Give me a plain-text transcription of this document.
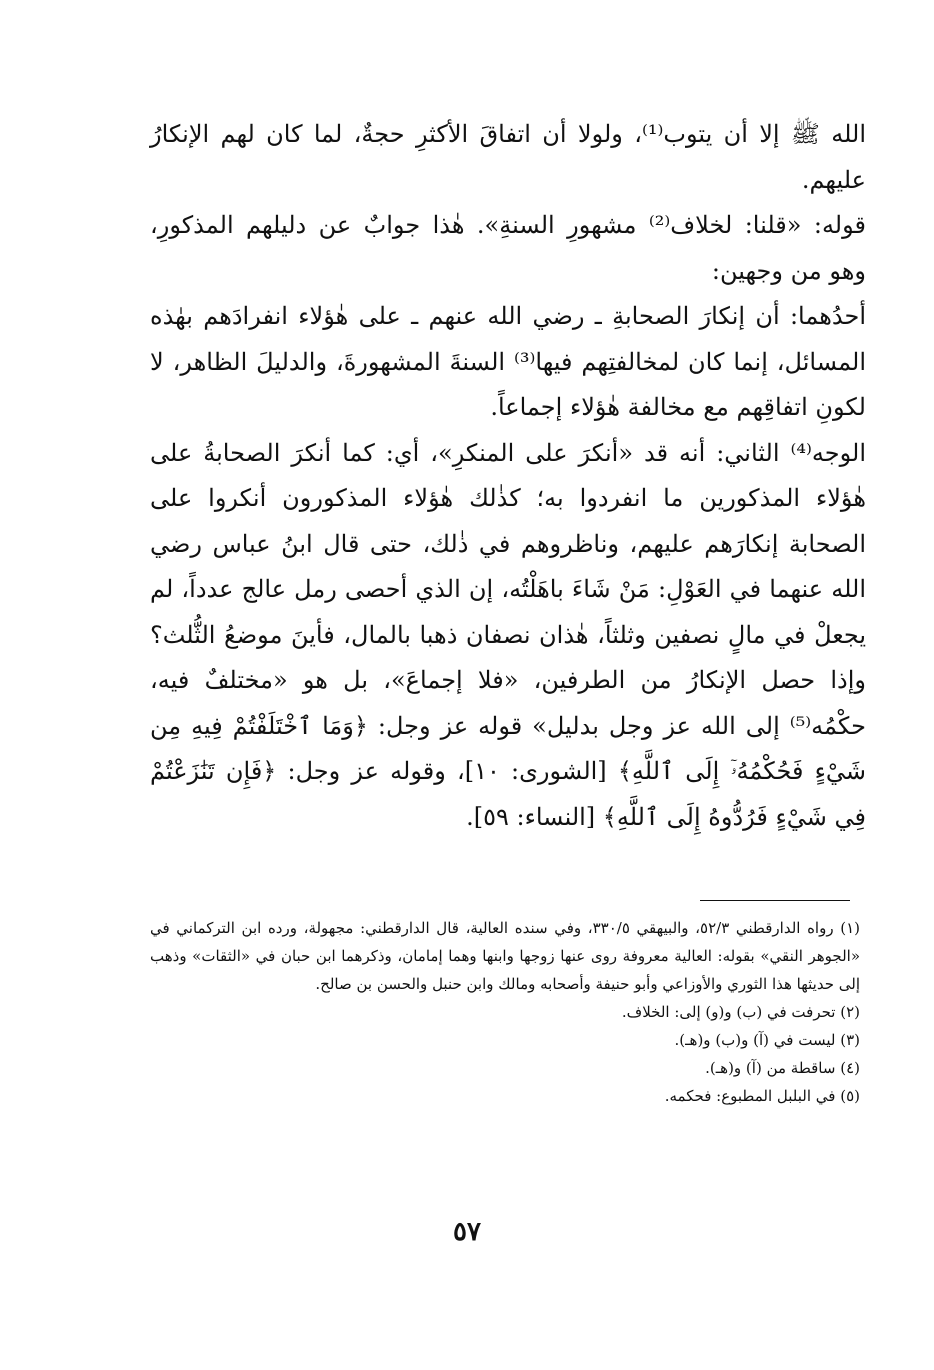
الله ﷺ إلا أن يتوب⁽¹⁾، ولولا أن اتفاقَ الأكثرِ حجةٌ، لما كان لهم الإنكارُ عليهم.

قوله: «قلنا: لخلاف⁽²⁾ مشهورِ السنةِ». هٰذا جوابٌ عن دليلهم المذكورِ، وهو من وجهين:

أحدُهما: أن إنكارَ الصحابةِ ـ رضي الله عنهم ـ على هٰؤلاء انفرادَهم بهٰذه المسائل، إنما كان لمخالفتِهم فيها⁽³⁾ السنةَ المشهورةَ، والدليلَ الظاهر، لا لكونِ اتفاقِهم مع مخالفة هٰؤلاء إجماعاً.

الوجه⁽⁴⁾ الثاني: أنه قد «أنكرَ على المنكرِ»، أي: كما أنكرَ الصحابةُ على هٰؤلاء المذكورين ما انفردوا به؛ كذٰلك هٰؤلاء المذكورون أنكروا على الصحابة إنكارَهم عليهم، وناظروهم في ذٰلك، حتى قال ابنُ عباس رضي الله عنهما في العَوْلِ: مَنْ شَاءَ باهَلْتُه، إن الذي أحصى رمل عالج عدداً، لم يجعلْ في مالٍ نصفين وثلثاً، هٰذان نصفان ذهبا بالمال، فأينَ موضعُ الثُّلث؟ وإذا حصل الإنكارُ من الطرفين، «فلا إجماعَ»، بل هو «مختلفٌ فيه، حكْمُه⁽⁵⁾ إلى الله عز وجل بدليل» قوله عز وجل: ﴿وَمَا ٱخْتَلَفْتُمْ فِيهِ مِن شَيْءٍ فَحُكْمُهُۥٓ إِلَى ٱللَّهِ﴾ [الشورى: ١٠]، وقوله عز وجل: ﴿فَإِن تَنَٰزَعْتُمْ فِي شَيْءٍ فَرُدُّوهُ إِلَى ٱللَّهِ﴾ [النساء: ٥٩].

(١) رواه الدارقطني ٥٢/٣، والبيهقي ٣٣٠/٥، وفي سنده العالية، قال الدارقطني: مجهولة، ورده ابن التركماني في «الجوهر النقي» بقوله: العالية معروفة روى عنها زوجها وابنها وهما إمامان، وذكرهما ابن حبان في «الثقات» وذهب إلى حديثها هذا الثوري والأوزاعي وأبو حنيفة وأصحابه ومالك وابن حنبل والحسن بن صالح.

(٢) تحرفت في (ب) و(و) إلى: الخلاف.

(٣) ليست في (آ) و(ب) و(هـ).

(٤) ساقطة من (آ) و(هـ).

(٥) في البلبل المطبوع: فحكمه.

٥٧
